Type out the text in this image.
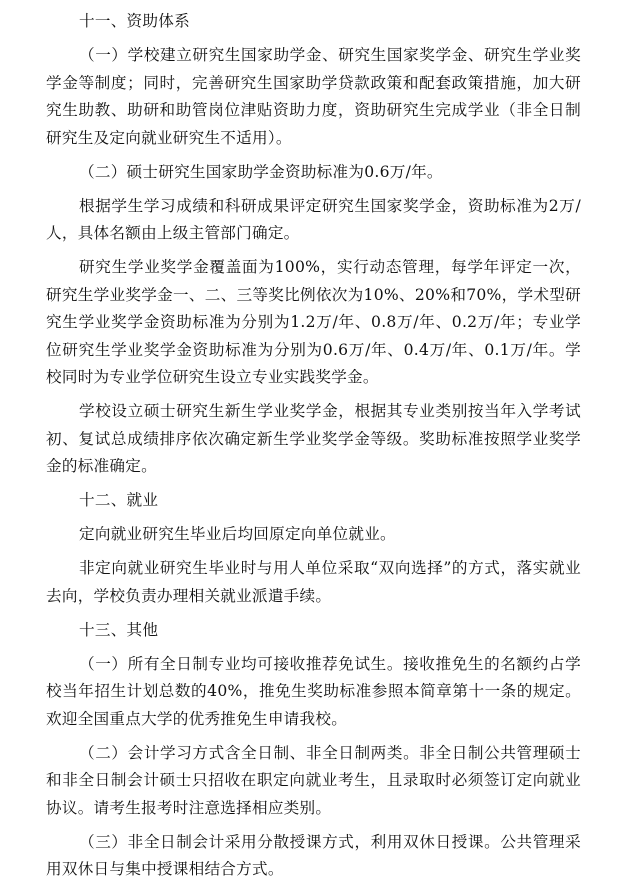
十一、资助体系

（一）学校建立研究生国家助学金、研究生国家奖学金、研究生学业奖学金等制度；同时，完善研究生国家助学贷款政策和配套政策措施，加大研究生助教、助研和助管岗位津贴资助力度，资助研究生完成学业（非全日制研究生及定向就业研究生不适用）。

（二）硕士研究生国家助学金资助标准为0.6万/年。

根据学生学习成绩和科研成果评定研究生国家奖学金，资助标准为2万/人，具体名额由上级主管部门确定。

研究生学业奖学金覆盖面为100%，实行动态管理，每学年评定一次，研究生学业奖学金一、二、三等奖比例依次为10%、20%和70%，学术型研究生学业奖学金资助标准为分别为1.2万/年、0.8万/年、0.2万/年；专业学位研究生学业奖学金资助标准为分别为0.6万/年、0.4万/年、0.1万/年。学校同时为专业学位研究生设立专业实践奖学金。

学校设立硕士研究生新生学业奖学金，根据其专业类别按当年入学考试初、复试总成绩排序依次确定新生学业奖学金等级。奖助标准按照学业奖学金的标准确定。

十二、就业

定向就业研究生毕业后均回原定向单位就业。

非定向就业研究生毕业时与用人单位采取“双向选择”的方式，落实就业去向，学校负责办理相关就业派遣手续。

十三、其他

（一）所有全日制专业均可接收推荐免试生。接收推免生的名额约占学校当年招生计划总数的40%，推免生奖助标准参照本简章第十一条的规定。欢迎全国重点大学的优秀推免生申请我校。

（二）会计学习方式含全日制、非全日制两类。非全日制公共管理硕士和非全日制会计硕士只招收在职定向就业考生，且录取时必须签订定向就业协议。请考生报考时注意选择相应类别。

（三）非全日制会计采用分散授课方式，利用双休日授课。公共管理采用双休日与集中授课相结合方式。
